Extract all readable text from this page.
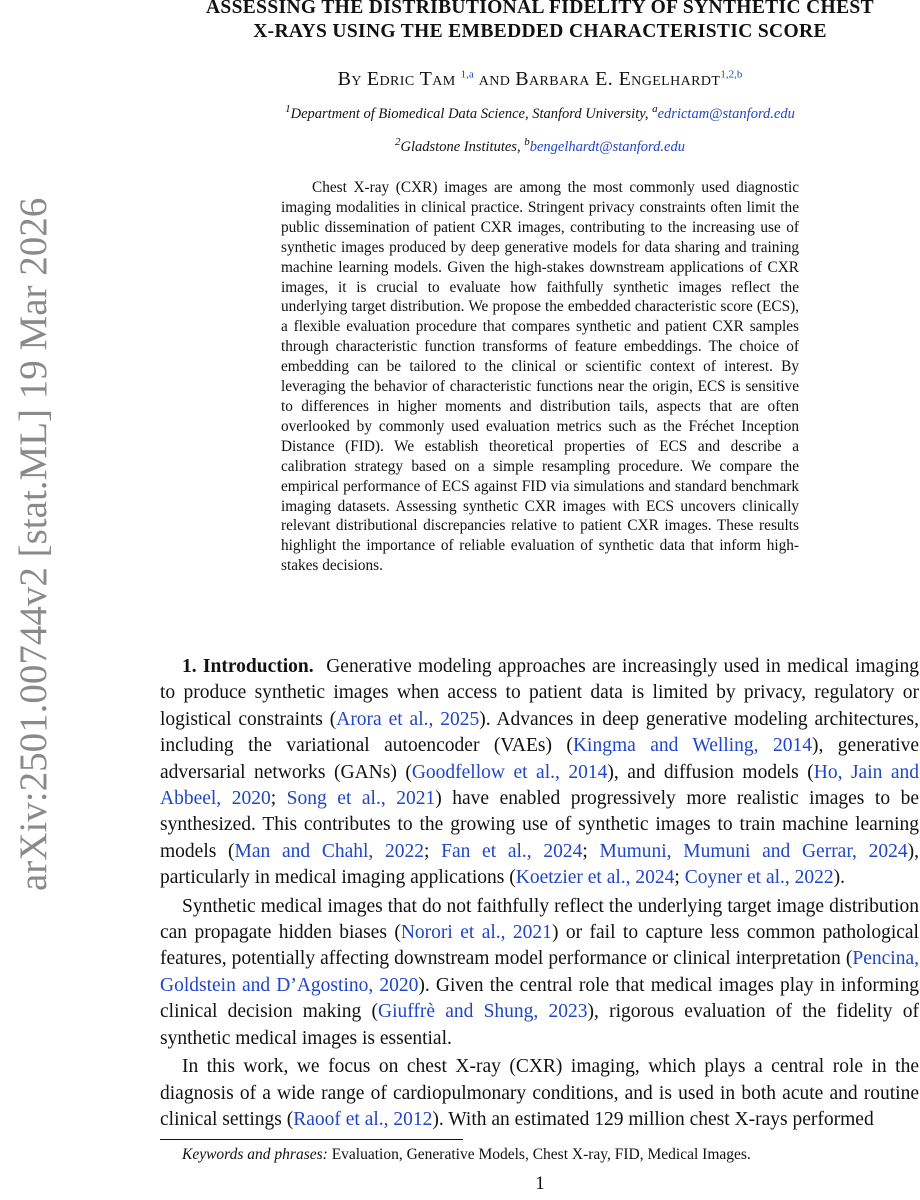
arXiv:2501.00744v2 [stat.ML] 19 Mar 2026
ASSESSING THE DISTRIBUTIONAL FIDELITY OF SYNTHETIC CHEST
X-RAYS USING THE EMBEDDED CHARACTERISTIC SCORE
By Edric Tam $^{1,a}$ and Barbara E. Engelhardt$^{1,2,b}$
$^1$Department of Biomedical Data Science, Stanford University, $^a$edrictam@stanford.edu
$^2$Gladstone Institutes, $^b$bengelhardt@stanford.edu

Chest X-ray (CXR) images are among the most commonly used diagnostic imaging modalities in clinical practice. Stringent privacy constraints often limit the public dissemination of patient CXR images, contributing to the increasing use of synthetic images produced by deep generative models for data sharing and training machine learning models. Given the high-stakes downstream applications of CXR images, it is crucial to evaluate how faithfully synthetic images reflect the underlying target distribution. We propose the embedded characteristic score (ECS), a flexible evaluation procedure that compares synthetic and patient CXR samples through characteristic function transforms of feature embeddings. The choice of embedding can be tailored to the clinical or scientific context of interest. By leveraging the behavior of characteristic functions near the origin, ECS is sensitive to differences in higher moments and distribution tails, aspects that are often overlooked by commonly used evaluation metrics such as the Fréchet Inception Distance (FID). We establish theoretical properties of ECS and describe a calibration strategy based on a simple resampling procedure. We compare the empirical performance of ECS against FID via simulations and standard benchmark imaging datasets. Assessing synthetic CXR images with ECS uncovers clinically relevant distributional discrepancies relative to patient CXR images. These results highlight the importance of reliable evaluation of synthetic data that inform high-stakes decisions.

1. Introduction. Generative modeling approaches are increasingly used in medical imaging to produce synthetic images when access to patient data is limited by privacy, regulatory or logistical constraints (Arora et al., 2025). Advances in deep generative modeling architectures, including the variational autoencoder (VAEs) (Kingma and Welling, 2014), generative adversarial networks (GANs) (Goodfellow et al., 2014), and diffusion models (Ho, Jain and Abbeel, 2020; Song et al., 2021) have enabled progressively more realistic images to be synthesized. This contributes to the growing use of synthetic images to train machine learning models (Man and Chahl, 2022; Fan et al., 2024; Mumuni, Mumuni and Gerrar, 2024), particularly in medical imaging applications (Koetzier et al., 2024; Coyner et al., 2022).

Synthetic medical images that do not faithfully reflect the underlying target image distribution can propagate hidden biases (Norori et al., 2021) or fail to capture less common pathological features, potentially affecting downstream model performance or clinical interpretation (Pencina, Goldstein and D’Agostino, 2020). Given the central role that medical images play in informing clinical decision making (Giuffrè and Shung, 2023), rigorous evaluation of the fidelity of synthetic medical images is essential.

In this work, we focus on chest X-ray (CXR) imaging, which plays a central role in the diagnosis of a wide range of cardiopulmonary conditions, and is used in both acute and routine clinical settings (Raoof et al., 2012). With an estimated 129 million chest X-rays performed

Keywords and phrases: Evaluation, Generative Models, Chest X-ray, FID, Medical Images.
1
